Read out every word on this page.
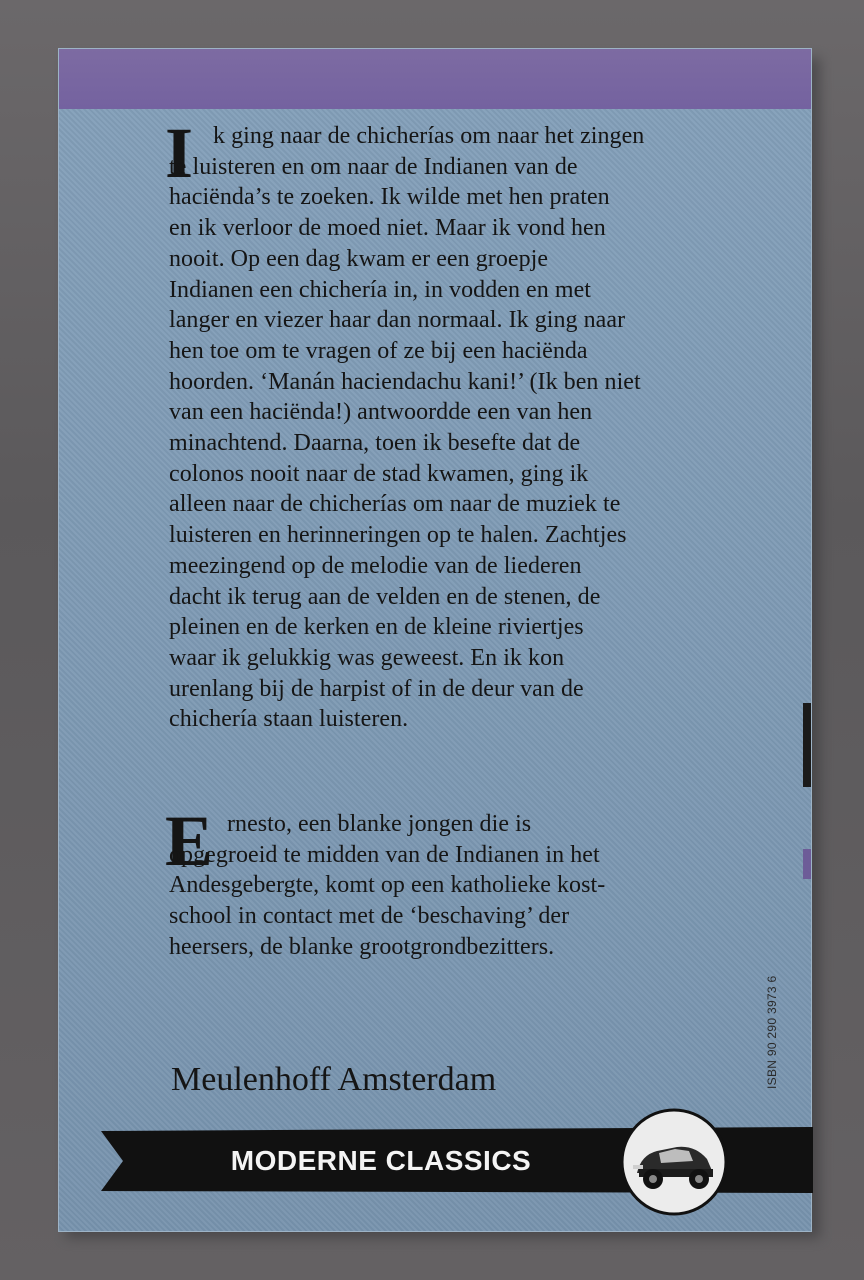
I k ging naar de chicherías om naar het zingen
te luisteren en om naar de Indianen van de
haciënda’s te zoeken. Ik wilde met hen praten
en ik verloor de moed niet. Maar ik vond hen
nooit. Op een dag kwam er een groepje
Indianen een chichería in, in vodden en met
langer en viezer haar dan normaal. Ik ging naar
hen toe om te vragen of ze bij een haciënda
hoorden. ‘Manán haciendachu kani!’ (Ik ben niet
van een haciënda!) antwoordde een van hen
minachtend. Daarna, toen ik besefte dat de
colonos nooit naar de stad kwamen, ging ik
alleen naar de chicherías om naar de muziek te
luisteren en herinneringen op te halen. Zachtjes
meezingend op de melodie van de liederen
dacht ik terug aan de velden en de stenen, de
pleinen en de kerken en de kleine riviertjes
waar ik gelukkig was geweest. En ik kon
urenlang bij de harpist of in de deur van de
chichería staan luisteren.
E rnesto, een blanke jongen die is
opgegroeid te midden van de Indianen in het
Andesgebergte, komt op een katholieke kost-
school in contact met de ‘beschaving’ der
heersers, de blanke grootgrondbezitters.
Meulenhoff Amsterdam	ISBN 90 290 3973 6
MODERNE CLASSICS
